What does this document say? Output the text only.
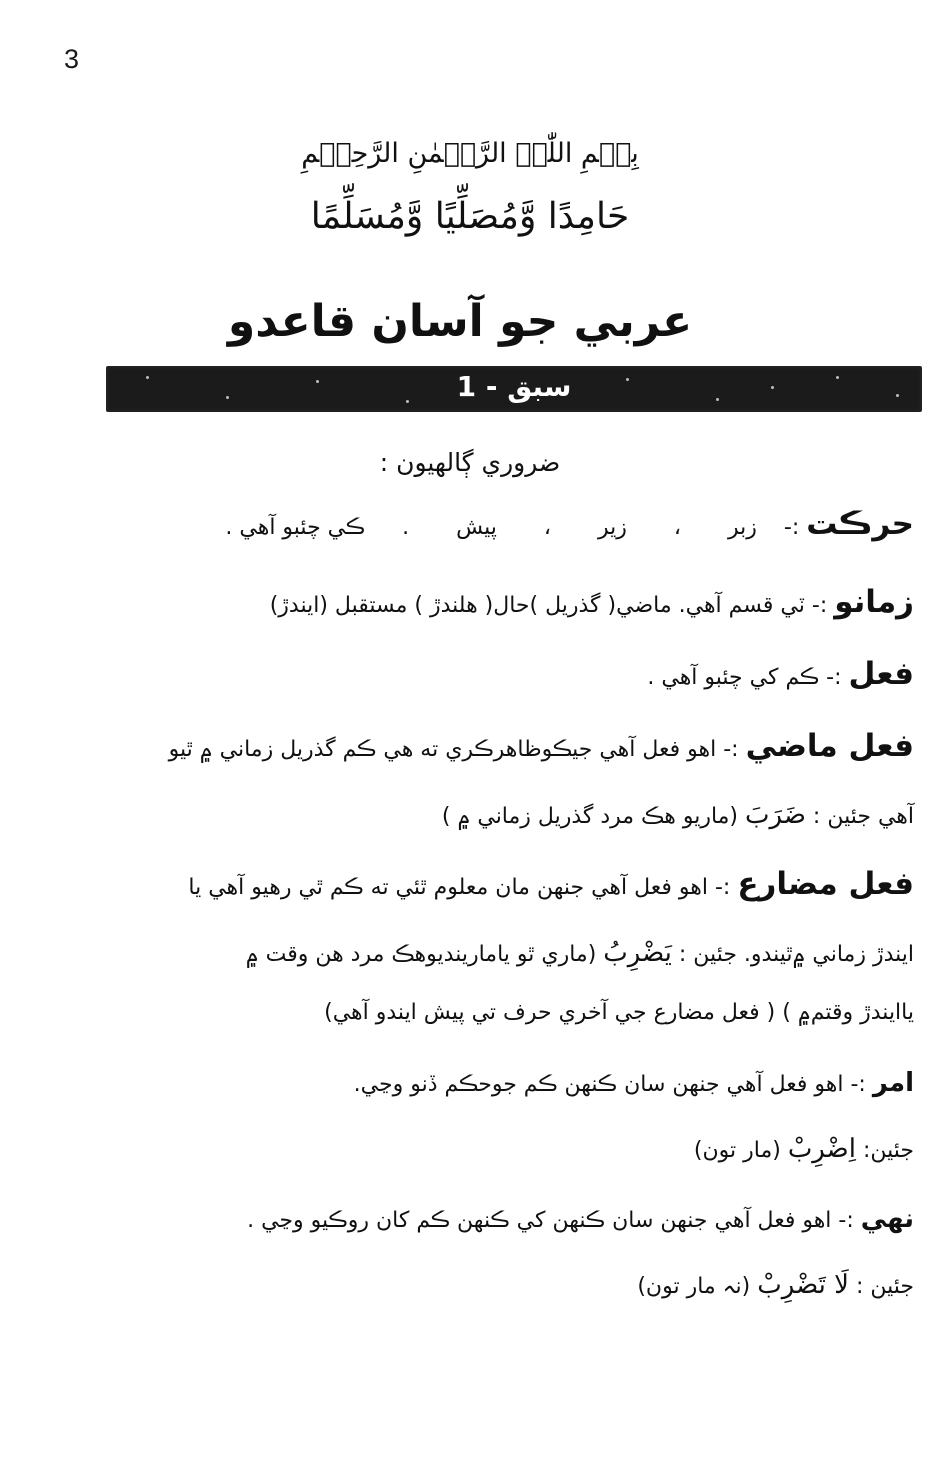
3
بِسۡمِ اللّٰہِ الرَّحۡمٰنِ الرَّحِیۡمِ
حَامِدًا وَّمُصَلِّيًا وَّمُسَلِّمًا
عربي جو آسان قاعدو
سبق - 1
ضروري ڳالهيون :
حرڪت :- زبر ، زير ، پيش . ڪي چئبو آهي .
زمانو :- ٽي قسم آهي. ماضي( گذريل )حال( هلندڙ ) مستقبل (ايندڙ)
فعل :- ڪم کي چئبو آهي .
فعل ماضي :- اهو فعل آهي جيڪوظاهرڪري ته هي ڪم گذريل زماني ۾ ٿيو
آهي جئين : ضَرَبَ (ماريو هڪ مرد گذريل زماني ۾ )
فعل مضارع :- اهو فعل آهي جنهن مان معلوم ٿئي ته ڪم ٿي رهيو آهي يا
ايندڙ زماني ۾ٿيندو. جئين : يَضْرِبُ (ماري ٿو يامارينديوهڪ مرد هن وقت ۾
ياايندڙ وقتم۾ ) ( فعل مضارع جي آخري حرف تي پيش ايندو آهي)
امر :- اهو فعل آهي جنهن سان ڪنهن ڪم جوحڪم ڏنو وڃي.
جئين: اِضْرِبْ (مار تون)
نهي :- اهو فعل آهي جنهن سان ڪنهن کي ڪنهن ڪم کان روڪيو وڃي .
جئين : لَا تَضْرِبْ (نہ مار تون)
